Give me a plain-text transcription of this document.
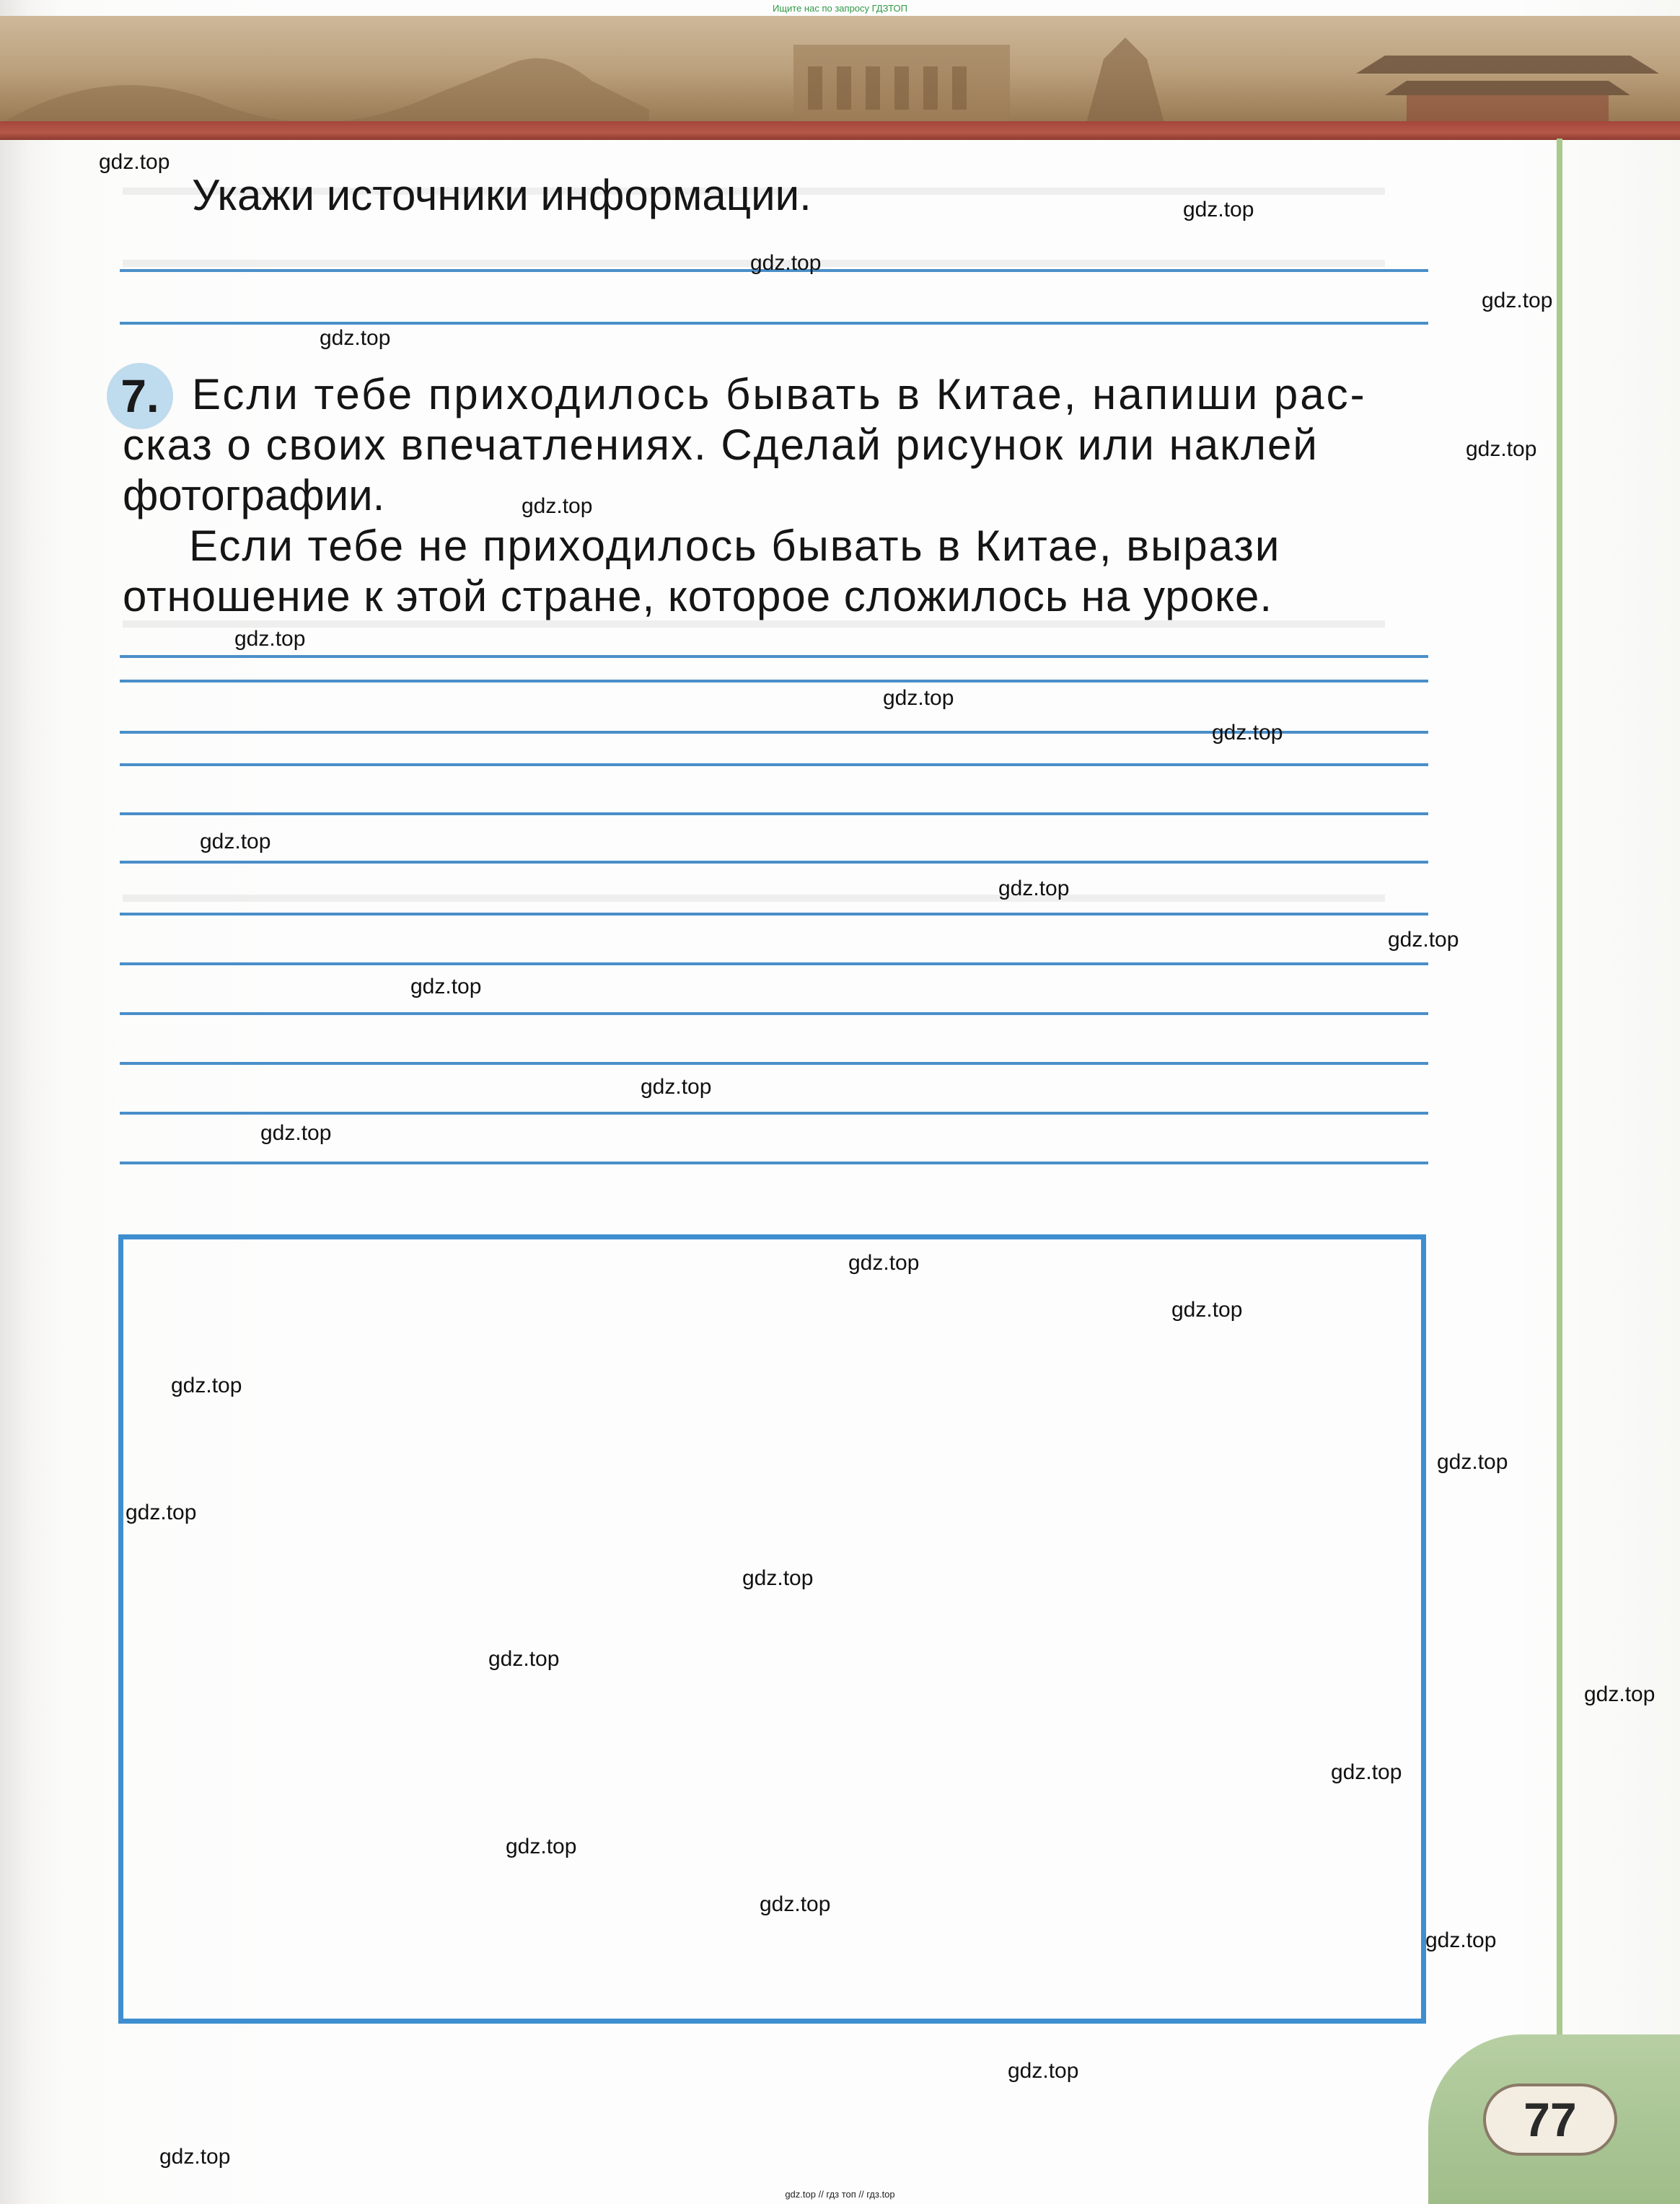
Ищите нас по запросу ГДЗТОП
Укажи источники информации.
7. Если тебе приходилось бывать в Китае, напиши рас-
сказ о своих впечатлениях. Сделай рисунок или наклей
фотографии.
Если тебе не приходилось бывать в Китае, вырази
отношение к этой стране, которое сложилось на уроке.
77
gdz.top
gdz.top
gdz.top
gdz.top
gdz.top
gdz.top
gdz.top
gdz.top
gdz.top
gdz.top
gdz.top
gdz.top
gdz.top
gdz.top
gdz.top
gdz.top
gdz.top
gdz.top
gdz.top
gdz.top
gdz.top
gdz.top
gdz.top
gdz.top
gdz.top
gdz.top
gdz.top
gdz.top
gdz.top
gdz.top
gdz.top // гдз топ // гдз.top
